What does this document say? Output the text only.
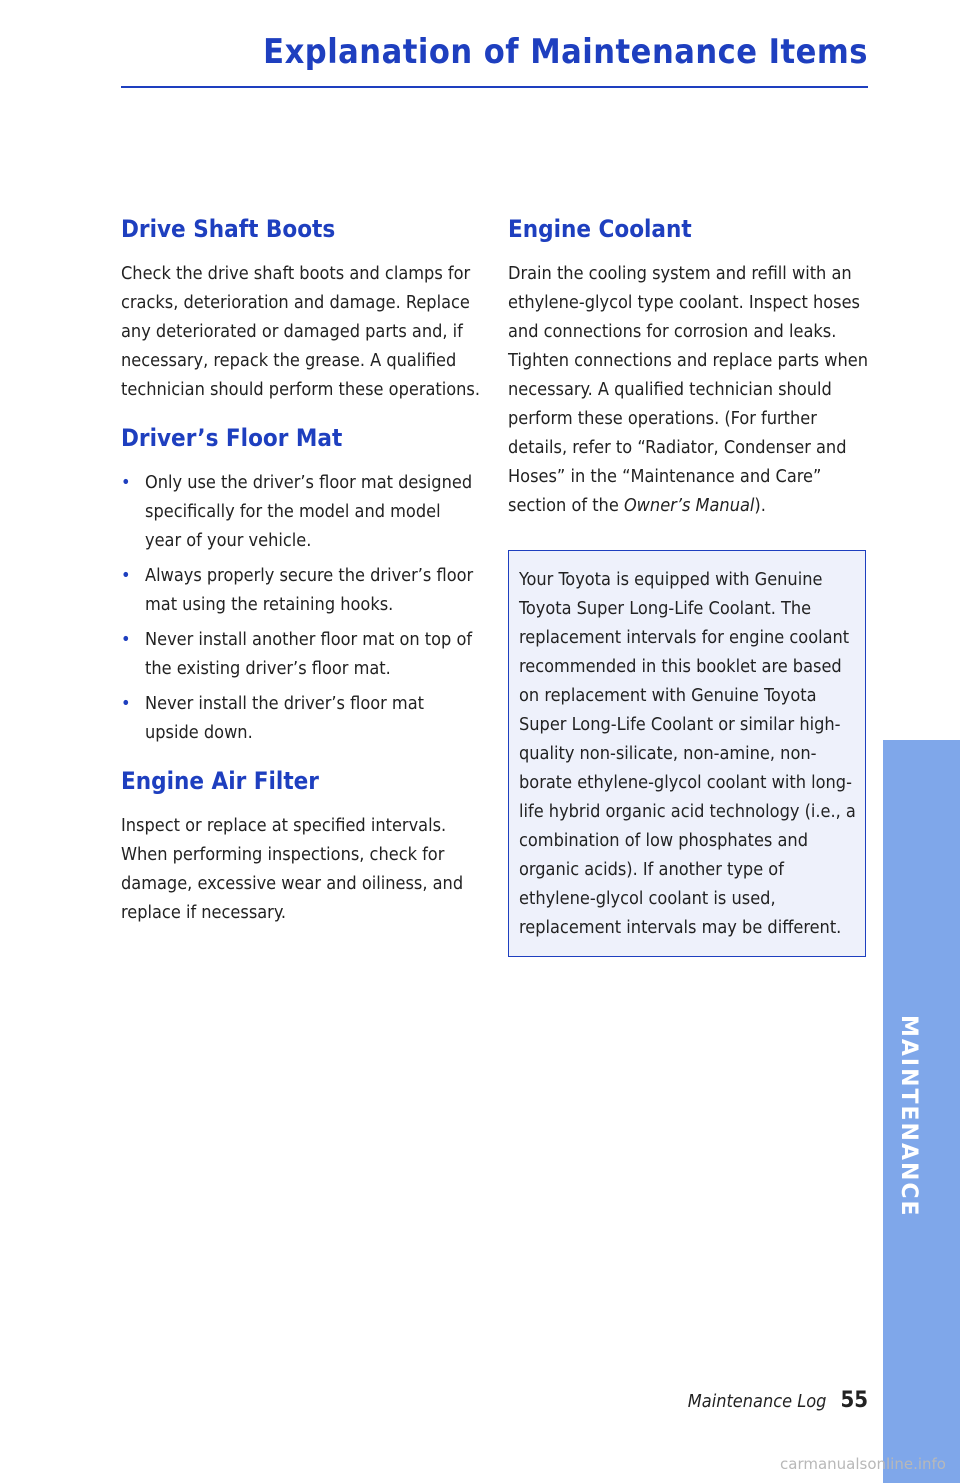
Explanation of Maintenance Items
Drive Shaft Boots

Check the drive shaft boots and clamps for cracks, deterioration and damage. Replace any deteriorated or damaged parts and, if necessary, repack the grease. A qualified technician should perform these operations.

Driver’s Floor Mat
• Only use the driver’s floor mat designed specifically for the model and model year of your vehicle.
• Always properly secure the driver’s floor mat using the retaining hooks.
• Never install another floor mat on top of the existing driver’s floor mat.
• Never install the driver’s floor mat upside down.
Engine Air Filter

Inspect or replace at specified intervals. When performing inspections, check for damage, excessive wear and oiliness, and replace if necessary.

Engine Coolant

Drain the cooling system and refill with an ethylene-glycol type coolant. Inspect hoses and connections for corrosion and leaks. Tighten connections and replace parts when necessary. A qualified technician should perform these operations. (For further details, refer to “Radiator, Condenser and Hoses” in the “Maintenance and Care” section of the Owner’s Manual).

Your Toyota is equipped with Genuine Toyota Super Long-Life Coolant. The replacement intervals for engine coolant recommended in this booklet are based on replacement with Genuine Toyota Super Long-Life Coolant or similar high-quality non-silicate, non-amine, non-borate ethylene-glycol coolant with long-life hybrid organic acid technology (i.e., a combination of low phosphates and organic acids). If another type of ethylene-glycol coolant is used, replacement intervals may be different.

MAINTENANCE
Maintenance Log 55
carmanualsonline.info
